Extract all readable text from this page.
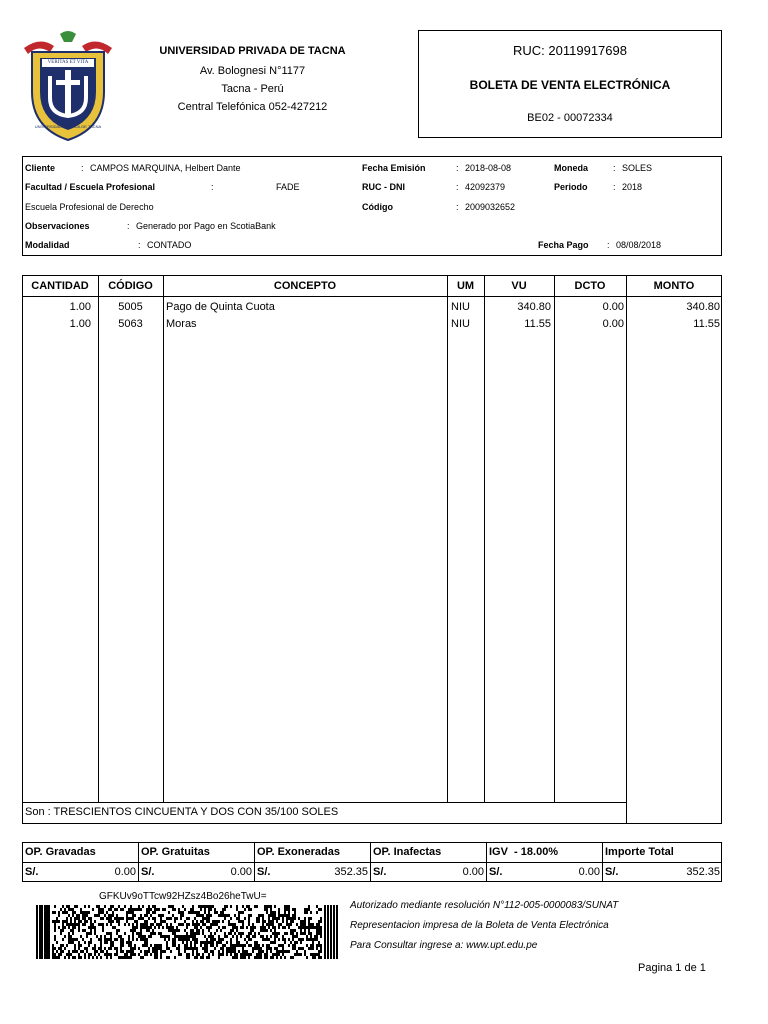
VERITAS ET VITA
UNIVERSIDAD PRIVADA DE TACNA
UNIVERSIDAD PRIVADA DE TACNA
Av. Bolognesi N°1177
Tacna - Perú
Central Telefónica 052-427212
RUC: 20119917698
BOLETA DE VENTA ELECTRÓNICA
BE02 - 00072334
Cliente	: CAMPOS MARQUINA, Helbert Dante
Facultad / Escuela Profesional	:	FADE
Escuela Profesional de Derecho
Observaciones	: Generado por Pago en ScotiaBank
Modalidad	: CONTADO
Fecha Emisión	: 2018-08-08
RUC - DNI	: 42092379
Código	: 2009032652
Moneda	: SOLES
Periodo	: 2018
Fecha Pago : 08/08/2018
CANTIDAD	CÓDIGO	CONCEPTO	UM	VU	DCTO	MONTO
1.00	5005	Pago de Quinta Cuota	NIU	340.80	0.00	340.80
1.00	5063	Moras	NIU	11.55	0.00	11.55
Son : TRESCIENTOS CINCUENTA Y DOS CON 35/100 SOLES
OP. Gravadas	OP. Gratuitas	OP. Exoneradas	OP. Inafectas	IGV  - 18.00%	Importe Total
S/.	0.00 S/.	0.00 S/.	352.35 S/.	0.00 S/.	0.00 S/.	352.35
GFKUv9oTTcw92HZsz4Bo26heTwU=
Autorizado mediante resolución N°112-005-0000083/SUNAT
Representacion impresa de la Boleta de Venta Electrónica
Para Consultar ingrese a: www.upt.edu.pe
Pagina 1 de 1
